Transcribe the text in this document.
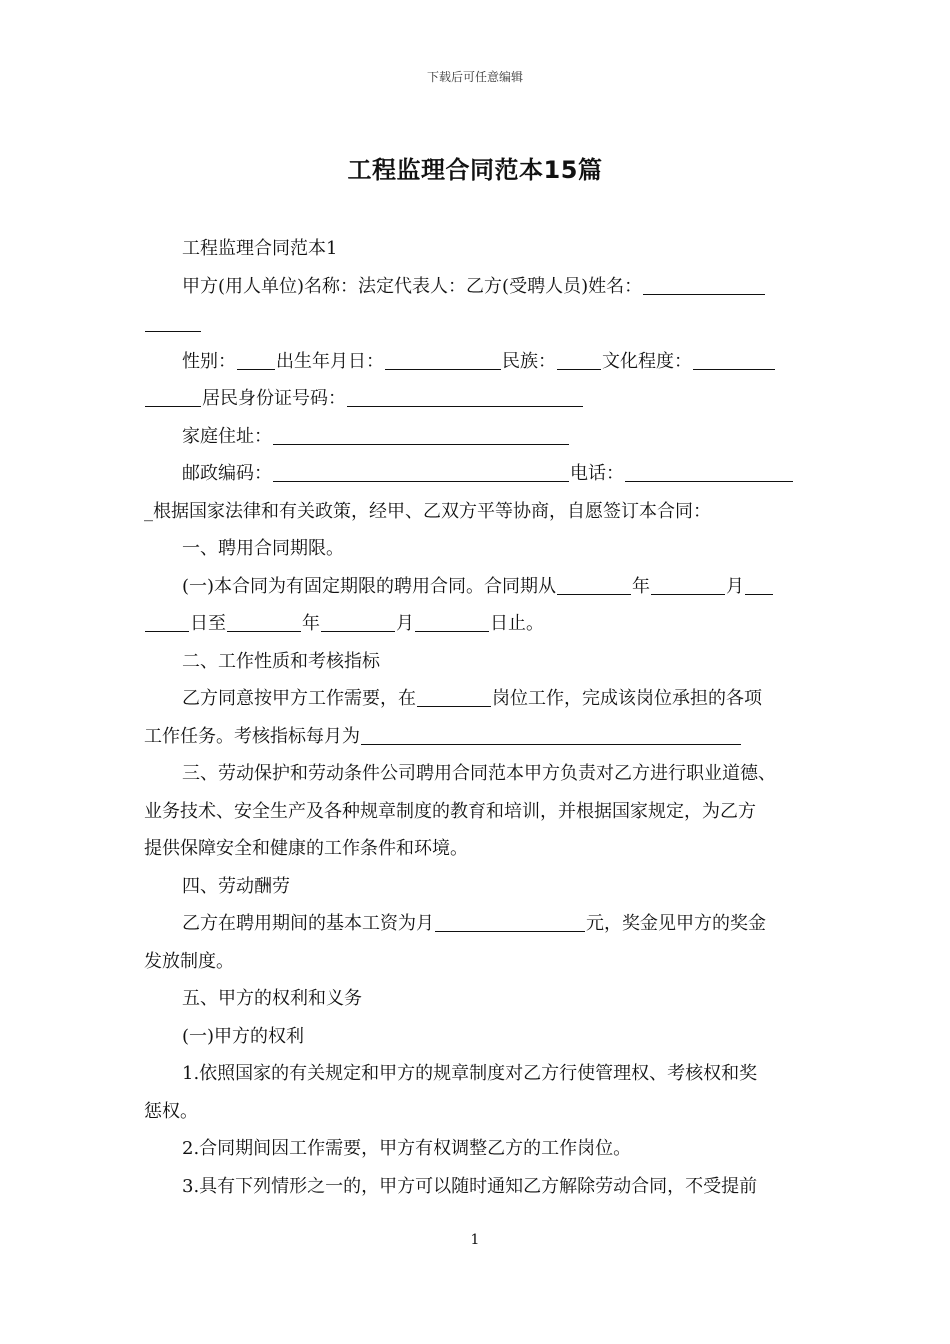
下载后可任意编辑
工程监理合同范本15篇
工程监理合同范本1
甲方(用人单位)名称：法定代表人：乙方(受聘人员)姓名：
性别： 出生年月日：	民族：	文化程度：
居民身份证号码：
家庭住址：
邮政编码：	电话：
_根据国家法律和有关政策，经甲、乙双方平等协商，自愿签订本合同：
一、聘用合同期限。
(一)本合同为有固定期限的聘用合同。合同期从	年	月
日至	年	月	日止。
二、工作性质和考核指标
乙方同意按甲方工作需要，在	岗位工作，完成该岗位承担的各项
工作任务。考核指标每月为
三、劳动保护和劳动条件公司聘用合同范本甲方负责对乙方进行职业道德、
业务技术、安全生产及各种规章制度的教育和培训，并根据国家规定，为乙方
提供保障安全和健康的工作条件和环境。
四、劳动酬劳
乙方在聘用期间的基本工资为月	元，奖金见甲方的奖金
发放制度。
五、甲方的权利和义务
(一)甲方的权利
1.依照国家的有关规定和甲方的规章制度对乙方行使管理权、考核权和奖
惩权。
2.合同期间因工作需要，甲方有权调整乙方的工作岗位。
3.具有下列情形之一的，甲方可以随时通知乙方解除劳动合同，不受提前
1
